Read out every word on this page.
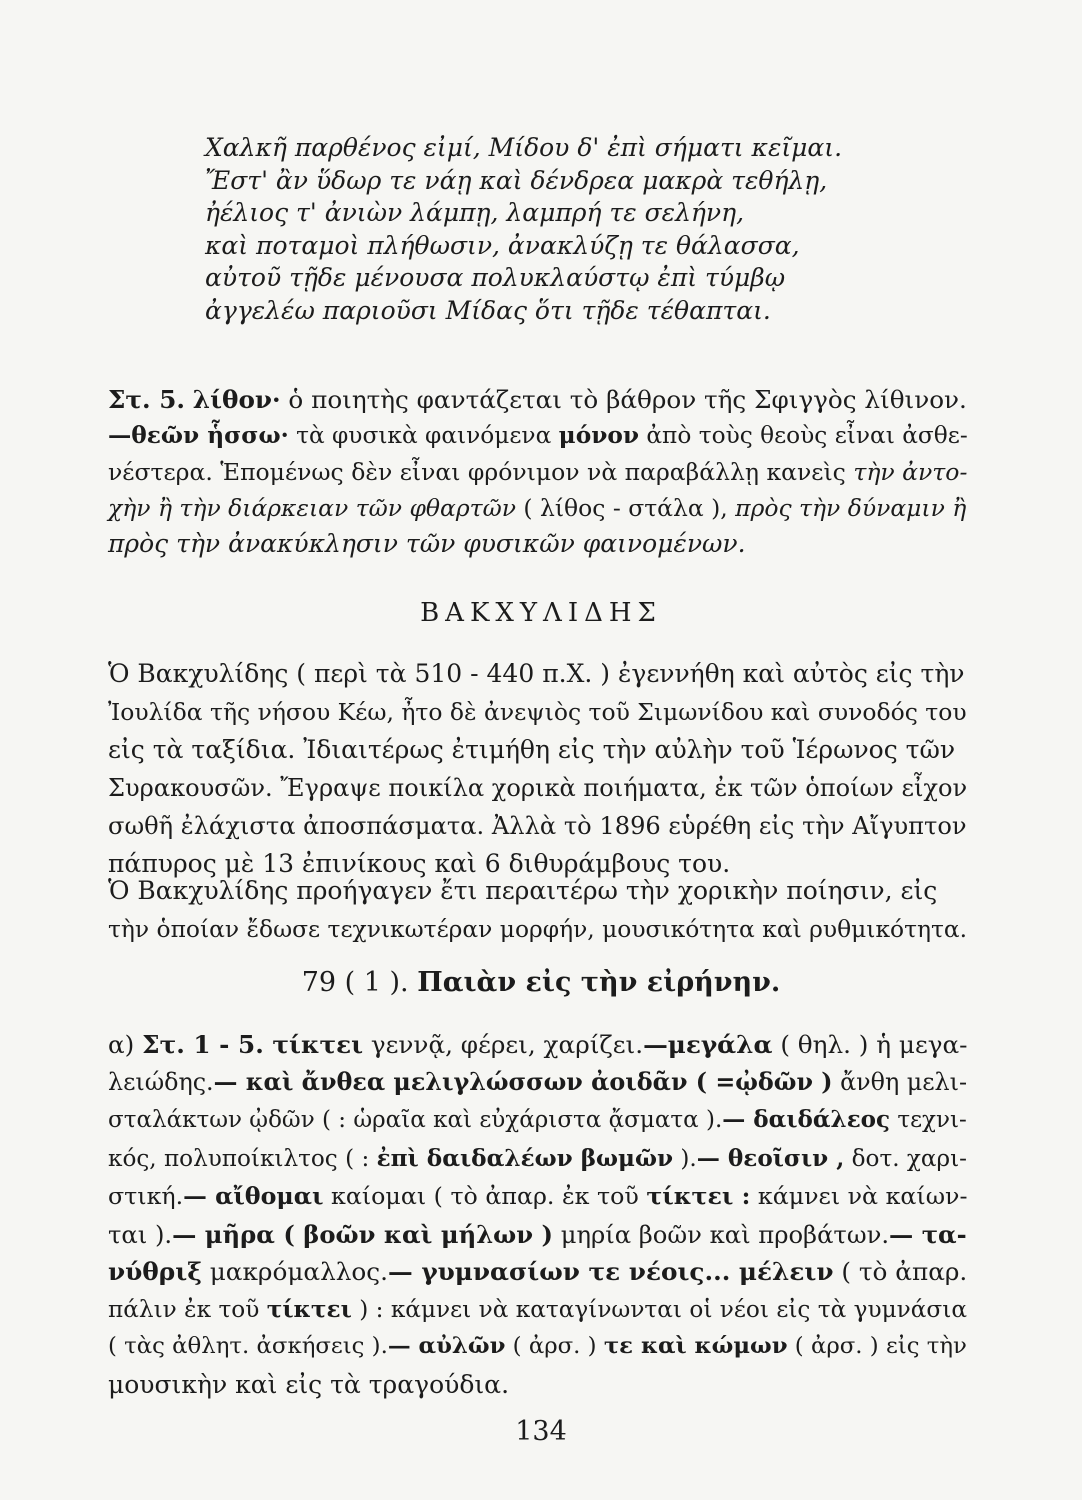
Χαλκῆ παρθένος εἰμί, Μίδου δ' ἐπὶ σήματι κεῖμαι.
Ἔστ' ἂν ὕδωρ τε νάῃ καὶ δένδρεα μακρὰ τεθήλῃ,
ἠέλιος τ' ἀνιὼν λάμπῃ, λαμπρή τε σελήνη,
καὶ ποταμοὶ πλήθωσιν, ἀνακλύζῃ τε θάλασσα,
αὐτοῦ τῇδε μένουσα πολυκλαύστῳ ἐπὶ τύμβῳ
ἀγγελέω παριοῦσι Μίδας ὅτι τῇδε τέθαπται.
Στ. 5. λίθον· ὁ ποιητὴς φαντάζεται τὸ βάθρον τῆς Σφιγγὸς λίθινον.
—θεῶν ἧσσω· τὰ φυσικὰ φαινόμενα μόνον ἀπὸ τοὺς θεοὺς εἶναι ἀσθε-
νέστερα. Ἑπομένως δὲν εἶναι φρόνιμον νὰ παραβάλλῃ κανεὶς τὴν ἀντο-
χὴν ἢ τὴν διάρκειαν τῶν φθαρτῶν ( λίθος - στάλα ), πρὸς τὴν δύναμιν ἢ
πρὸς τὴν ἀνακύκλησιν τῶν φυσικῶν φαινομένων.
ΒΑΚΧΥΛΙΔΗΣ
Ὁ Βακχυλίδης ( περὶ τὰ 510 - 440 π.Χ. ) ἐγεννήθη καὶ αὐτὸς εἰς τὴν
Ἰουλίδα τῆς νήσου Κέω, ἦτο δὲ ἀνεψιὸς τοῦ Σιμωνίδου καὶ συνοδός του
εἰς τὰ ταξίδια. Ἰδιαιτέρως ἐτιμήθη εἰς τὴν αὐλὴν τοῦ Ἱέρωνος τῶν
Συρακουσῶν. Ἔγραψε ποικίλα χορικὰ ποιήματα, ἐκ τῶν ὁποίων εἶχον
σωθῆ ἐλάχιστα ἀποσπάσματα. Ἀλλὰ τὸ 1896 εὑρέθη εἰς τὴν Αἴγυπτον
πάπυρος μὲ 13 ἐπινίκους καὶ 6 διθυράμβους του.
Ὁ Βακχυλίδης προήγαγεν ἔτι περαιτέρω τὴν χορικὴν ποίησιν, εἰς
τὴν ὁποίαν ἔδωσε τεχνικωτέραν μορφήν, μουσικότητα καὶ ρυθμικότητα.
79 ( 1 ). Παιὰν εἰς τὴν εἰρήνην.
α) Στ. 1 - 5. τίκτει γεννᾷ, φέρει, χαρίζει.—μεγάλα ( θηλ. ) ἡ μεγα-
λειώδης.— καὶ ἄνθεα μελιγλώσσων ἀοιδᾶν ( =ᾠδῶν ) ἄνθη μελι-
σταλάκτων ᾠδῶν ( : ὡραῖα καὶ εὐχάριστα ᾄσματα ).— δαιδάλεος τεχνι-
κός, πολυποίκιλτος ( : ἐπὶ δαιδαλέων βωμῶν ).— θεοῖσιν , δοτ. χαρι-
στική.— αἴθομαι καίομαι ( τὸ ἀπαρ. ἐκ τοῦ τίκτει : κάμνει νὰ καίων-
ται ).— μῆρα ( βοῶν καὶ μήλων ) μηρία βοῶν καὶ προβάτων.— τα-
νύθριξ μακρόμαλλος.— γυμνασίων τε νέοις... μέλειν ( τὸ ἀπαρ.
πάλιν ἐκ τοῦ τίκτει ) : κάμνει νὰ καταγίνωνται οἱ νέοι εἰς τὰ γυμνάσια
( τὰς ἀθλητ. ἀσκήσεις ).— αὐλῶν ( ἀρσ. ) τε καὶ κώμων ( ἀρσ. ) εἰς τὴν
μουσικὴν καὶ εἰς τὰ τραγούδια.
134
